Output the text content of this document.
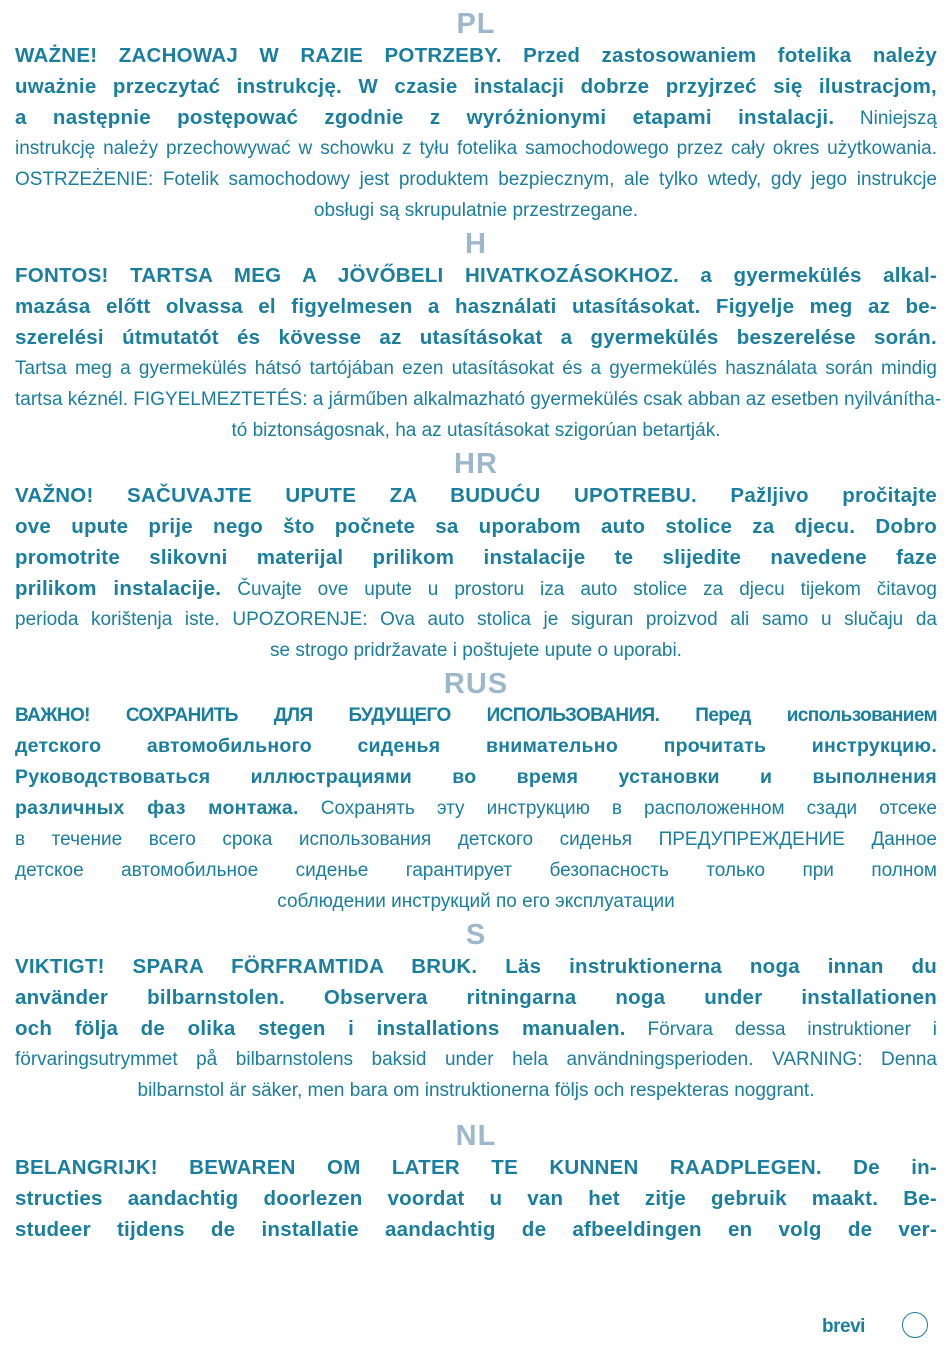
PL
WAŻNE! ZACHOWAJ W RAZIE POTRZEBY. Przed zastosowaniem fotelika należy
uważnie przeczytać instrukcję. W czasie instalacji dobrze przyjrzeć się ilustracjom,
a następnie postępować zgodnie z wyróżnionymi etapami instalacji. Niniejszą
instrukcję należy przechowywać w schowku z tyłu fotelika samochodowego przez cały okres użytkowania.
OSTRZEŻENIE: Fotelik samochodowy jest produktem bezpiecznym, ale tylko wtedy, gdy jego instrukcje
obsługi są skrupulatnie przestrzegane.
H
FONTOS! TARTSA MEG A JÖVŐBELI HIVATKOZÁSOKHOZ. a gyermekülés alkal-
mazása előtt olvassa el figyelmesen a használati utasításokat. Figyelje meg az be-
szerelési útmutatót és kövesse az utasításokat a gyermekülés beszerelése során.
Tartsa meg a gyermekülés hátsó tartójában ezen utasításokat és a gyermekülés használata során mindig
tartsa kéznél. FIGYELMEZTETÉS: a járműben alkalmazható gyermekülés csak abban az esetben nyilvánítha-
tó biztonságosnak, ha az utasításokat szigorúan betartják.
HR
VAŽNO! SAČUVAJTE UPUTE ZA BUDUĆU UPOTREBU. Pažljivo pročitajte
ove upute prije nego što počnete sa uporabom auto stolice za djecu. Dobro
promotrite slikovni materijal prilikom instalacije te slijedite navedene faze
prilikom instalacije. Čuvajte ove upute u prostoru iza auto stolice za djecu tijekom čitavog
perioda korištenja iste. UPOZORENJE: Ova auto stolica je siguran proizvod ali samo u slučaju da
se strogo pridržavate i poštujete upute o uporabi.
RUS
ВАЖНО! СОХРАНИТЬ ДЛЯ БУДУЩЕГО ИСПОЛЬЗОВАНИЯ. Перед использованием
детского автомобильного сиденья внимательно прочитать инструкцию.
Руководствоваться иллюстрациями во время установки и выполнения
различных фаз монтажа. Сохранять эту инструкцию в расположенном сзади отсеке
в течение всего срока использования детского сиденья ПРЕДУПРЕЖДЕНИЕ Данное
детское автомобильное сиденье гарантирует безопасность только при полном
соблюдении инструкций по его эксплуатации
S
VIKTIGT! SPARA FÖRFRAMTIDA BRUK. Läs instruktionerna noga innan du
använder bilbarnstolen. Observera ritningarna noga under installationen
och följa de olika stegen i installations manualen. Förvara dessa instruktioner i
förvaringsutrymmet på bilbarnstolens baksid under hela användningsperioden. VARNING: Denna
bilbarnstol är säker, men bara om instruktionerna följs och respekteras noggrant.
NL
BELANGRIJK! BEWAREN OM LATER TE KUNNEN RAADPLEGEN. De in-
structies aandachtig doorlezen voordat u van het zitje gebruik maakt. Be-
studeer tijdens de installatie aandachtig de afbeeldingen en volg de ver-
brevi
